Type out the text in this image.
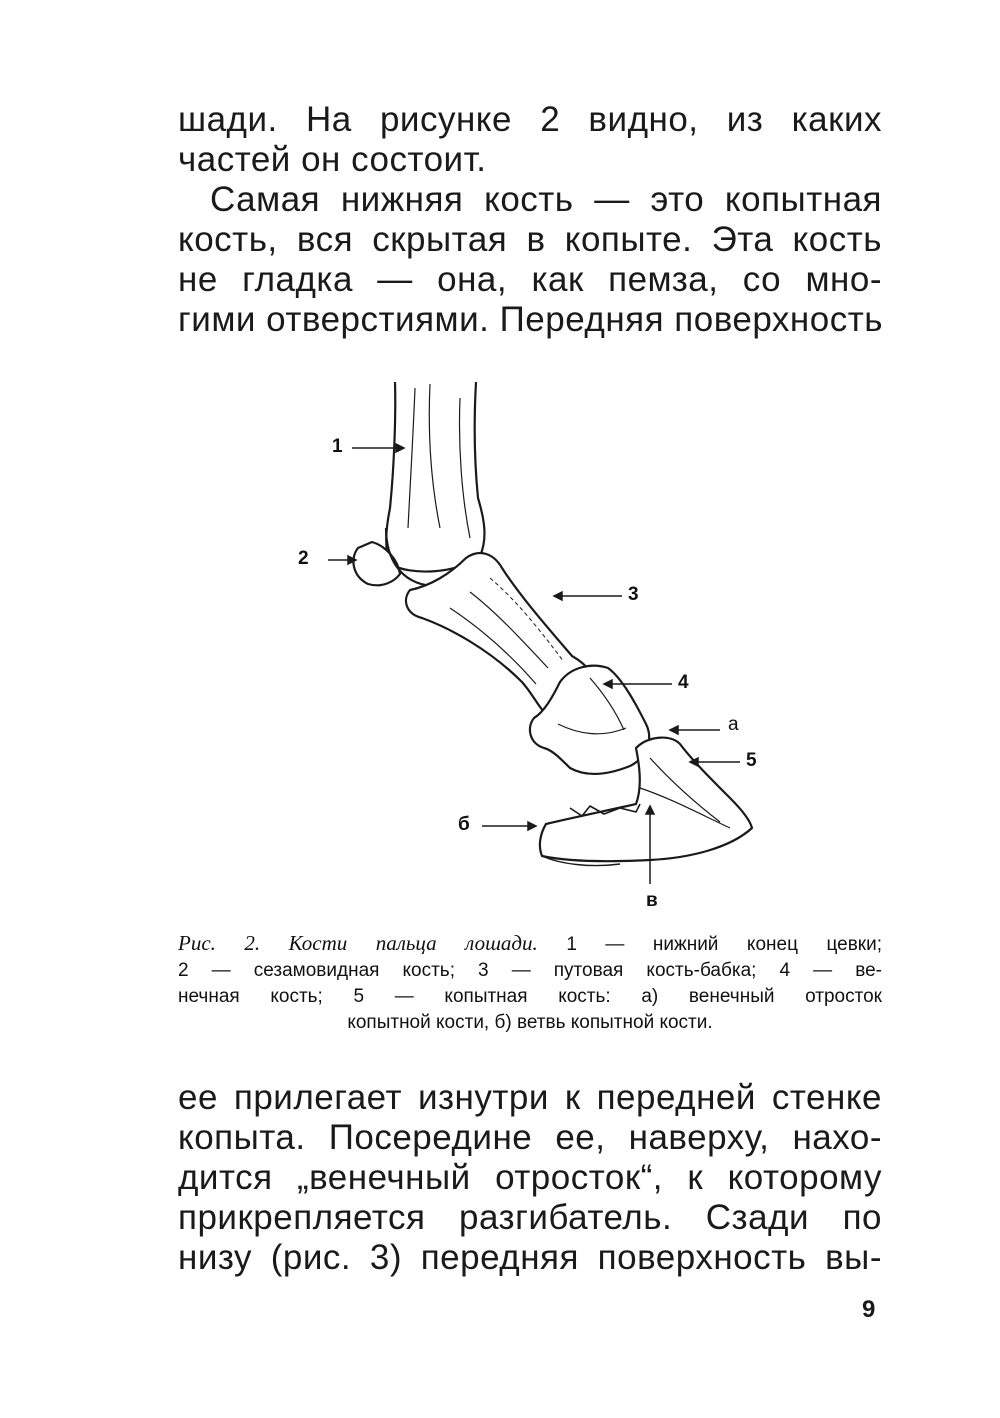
шади. На рисунке 2 видно, из каких
частей он состоит.
Самая нижняя кость — это копытная
кость, вся скрытая в копыте. Эта кость
не гладка — она, как пемза, со мно-
гими отверстиями. Передняя поверхность
1
2
3
4
а
5
б
в
Рис. 2. Кости пальца лошади. 1 — нижний конец цевки;
2 — сезамовидная кость; 3 — путовая кость-бабка; 4 — ве-
нечная кость; 5 — копытная кость: а) венечный отросток
копытной кости, б) ветвь копытной кости.
ее прилегает изнутри к передней стенке
копыта. Посередине ее, наверху, нахо-
дится „венечный отросток“, к которому
прикрепляется разгибатель. Сзади по
низу (рис. 3) передняя поверхность вы-
9
